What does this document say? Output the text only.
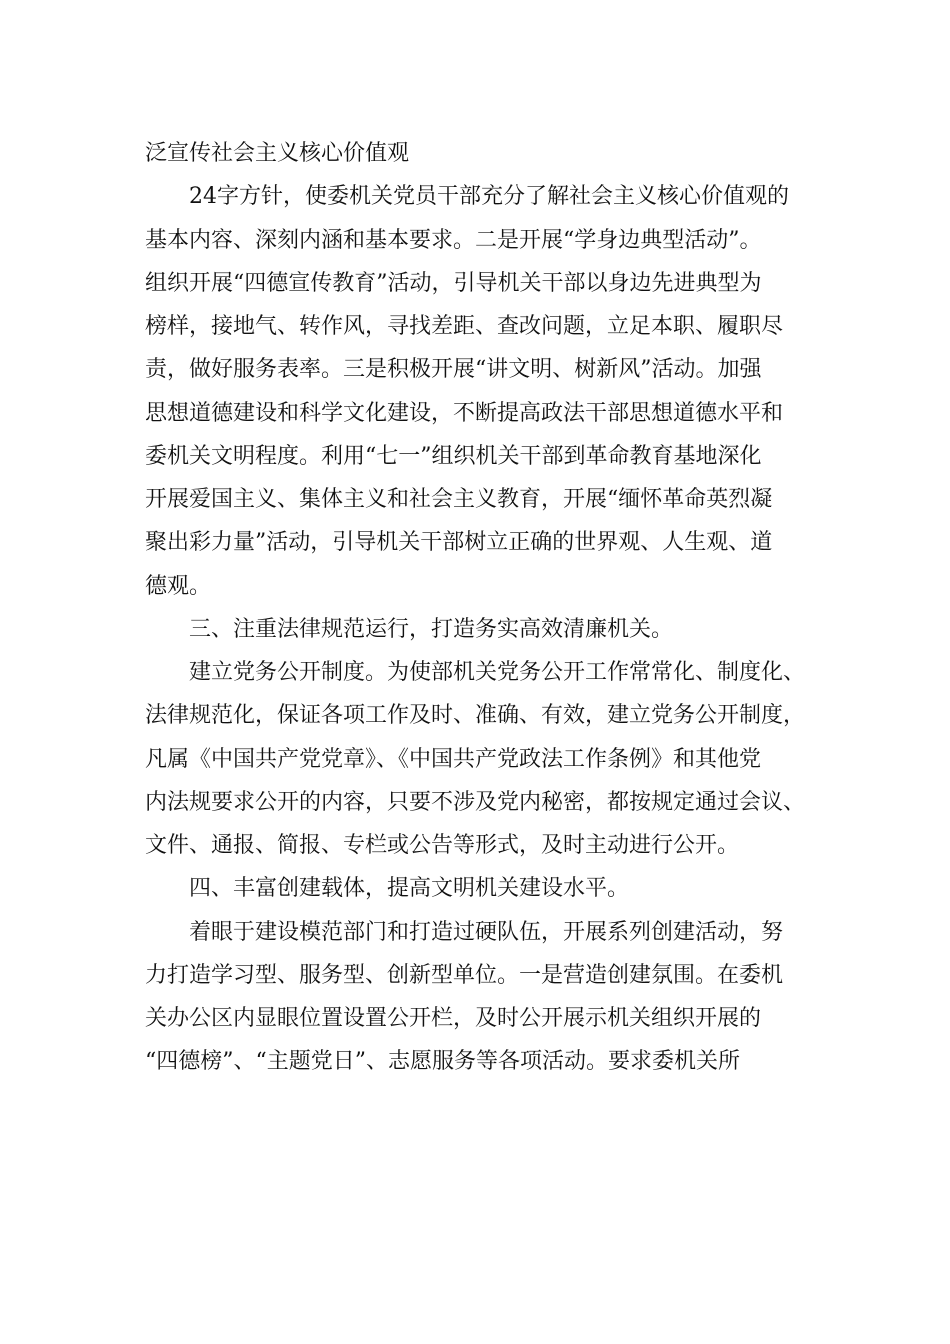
泛宣传社会主义核心价值观
24字方针，使委机关党员干部充分了解社会主义核心价值观的
基本内容、深刻内涵和基本要求。二是开展“学身边典型活动”。
组织开展“四德宣传教育”活动，引导机关干部以身边先进典型为
榜样，接地气、转作风，寻找差距、查改问题，立足本职、履职尽
责，做好服务表率。三是积极开展“讲文明、树新风”活动。加强
思想道德建设和科学文化建设，不断提高政法干部思想道德水平和
委机关文明程度。利用“七一”组织机关干部到革命教育基地深化
开展爱国主义、集体主义和社会主义教育，开展“缅怀革命英烈凝
聚出彩力量”活动，引导机关干部树立正确的世界观、人生观、道
德观。
三、注重法律规范运行，打造务实高效清廉机关。
建立党务公开制度。为使部机关党务公开工作常常化、制度化、
法律规范化，保证各项工作及时、准确、有效，建立党务公开制度，
凡属《中国共产党党章》、《中国共产党政法工作条例》和其他党
内法规要求公开的内容，只要不涉及党内秘密，都按规定通过会议、
文件、通报、简报、专栏或公告等形式，及时主动进行公开。
四、丰富创建载体，提高文明机关建设水平。
着眼于建设模范部门和打造过硬队伍，开展系列创建活动，努
力打造学习型、服务型、创新型单位。一是营造创建氛围。在委机
关办公区内显眼位置设置公开栏，及时公开展示机关组织开展的
“四德榜”、“主题党日”、志愿服务等各项活动。要求委机关所
